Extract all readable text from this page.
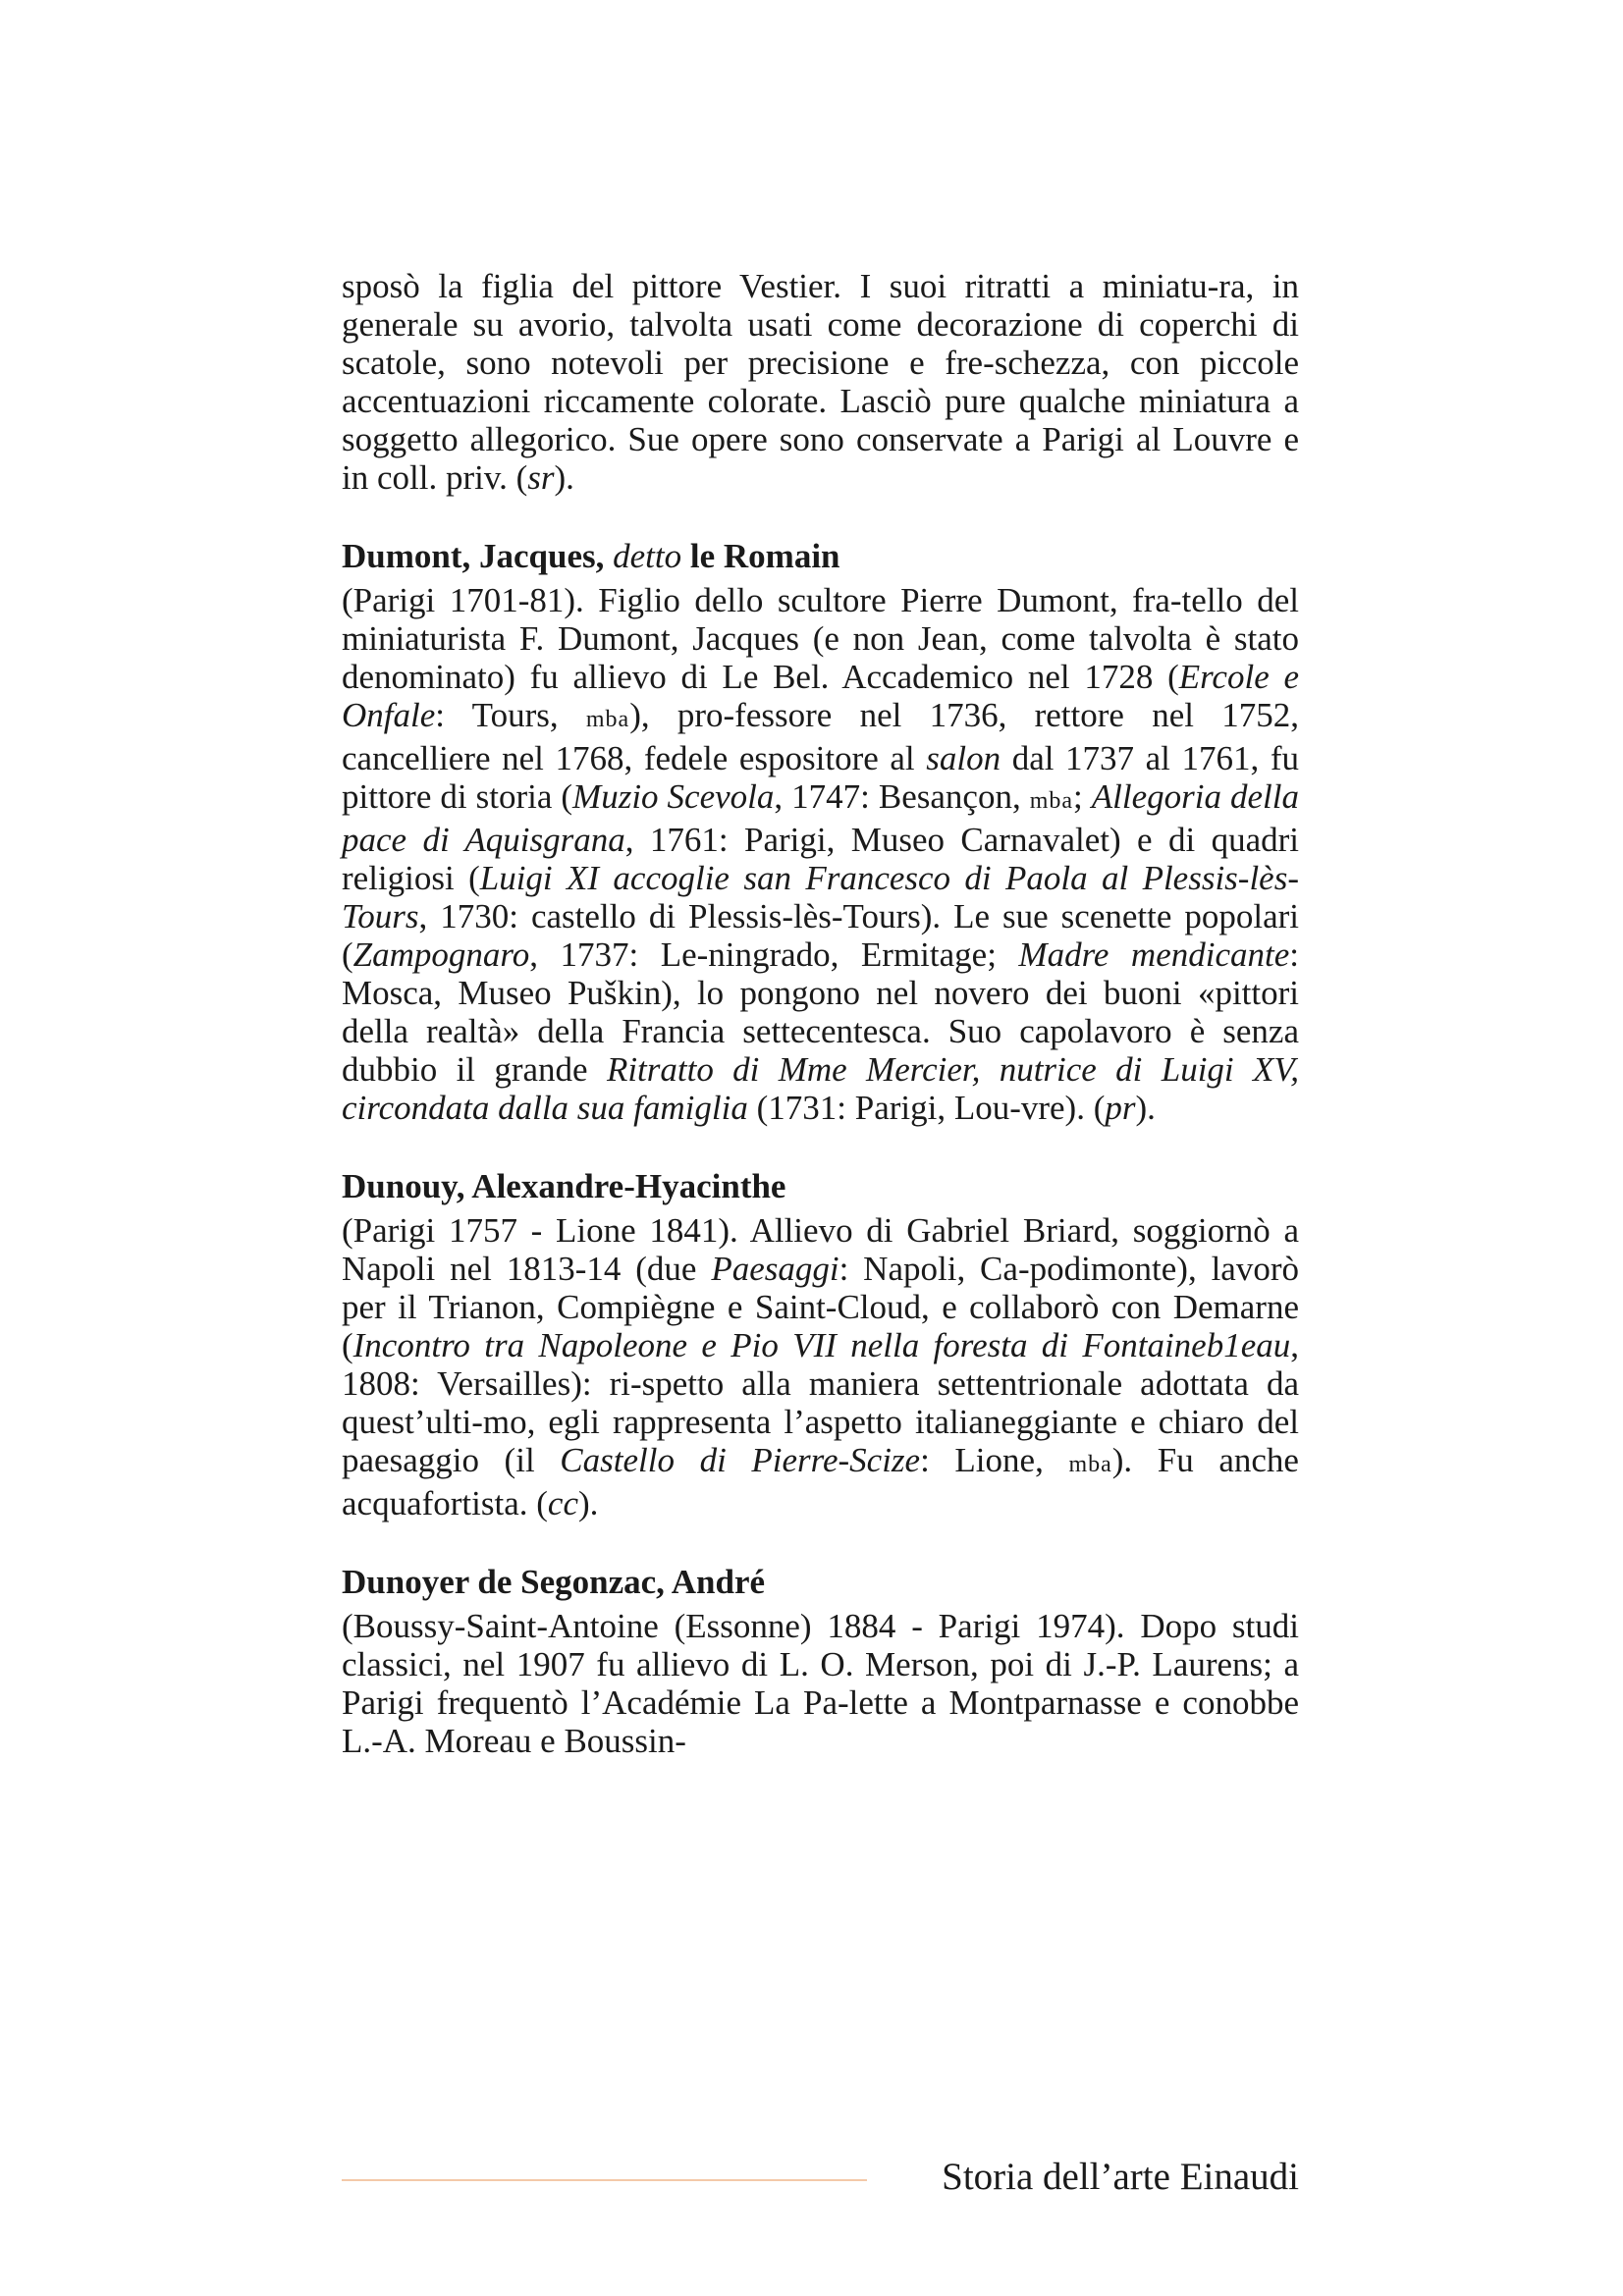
sposò la figlia del pittore Vestier. I suoi ritratti a miniatu-ra, in generale su avorio, talvolta usati come decorazione di coperchi di scatole, sono notevoli per precisione e fre-schezza, con piccole accentuazioni riccamente colorate. Lasciò pure qualche miniatura a soggetto allegorico. Sue opere sono conservate a Parigi al Louvre e in coll. priv. (sr).

Dumont, Jacques, detto le Romain

(Parigi 1701-81). Figlio dello scultore Pierre Dumont, fra-tello del miniaturista F. Dumont, Jacques (e non Jean, come talvolta è stato denominato) fu allievo di Le Bel. Accademico nel 1728 (Ercole e Onfale: Tours, mba), pro-fessore nel 1736, rettore nel 1752, cancelliere nel 1768, fedele espositore al salon dal 1737 al 1761, fu pittore di storia (Muzio Scevola, 1747: Besançon, mba; Allegoria della pace di Aquisgrana, 1761: Parigi, Museo Carnavalet) e di quadri religiosi (Luigi XI accoglie san Francesco di Paola al Plessis-lès-Tours, 1730: castello di Plessis-lès-Tours). Le sue scenette popolari (Zampognaro, 1737: Le-ningrado, Ermitage; Madre mendicante: Mosca, Museo Puškin), lo pongono nel novero dei buoni «pittori della realtà» della Francia settecentesca. Suo capolavoro è senza dubbio il grande Ritratto di Mme Mercier, nutrice di Luigi XV, circondata dalla sua famiglia (1731: Parigi, Lou-vre). (pr).

Dunouy, Alexandre-Hyacinthe

(Parigi 1757 - Lione 1841). Allievo di Gabriel Briard, soggiornò a Napoli nel 1813-14 (due Paesaggi: Napoli, Ca-podimonte), lavorò per il Trianon, Compiègne e Saint-Cloud, e collaborò con Demarne (Incontro tra Napoleone e Pio VII nella foresta di Fontaineb1eau, 1808: Versailles): ri-spetto alla maniera settentrionale adottata da quest’ulti-mo, egli rappresenta l’aspetto italianeggiante e chiaro del paesaggio (il Castello di Pierre-Scize: Lione, mba). Fu anche acquafortista. (cc).

Dunoyer de Segonzac, André

(Boussy-Saint-Antoine (Essonne) 1884 - Parigi 1974). Dopo studi classici, nel 1907 fu allievo di L. O. Merson, poi di J.-P. Laurens; a Parigi frequentò l’Académie La Pa-lette a Montparnasse e conobbe L.-A. Moreau e Boussin-

Storia dell’arte Einaudi
